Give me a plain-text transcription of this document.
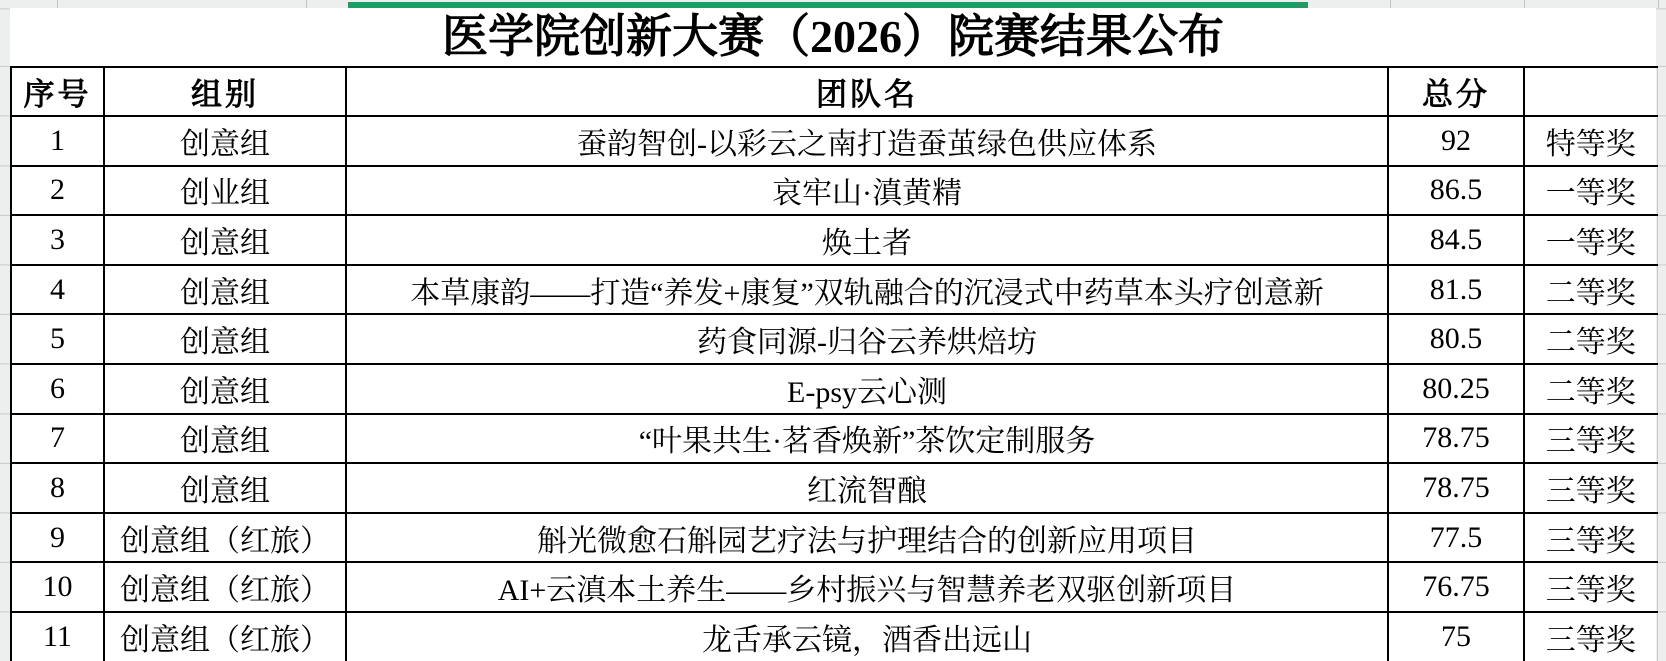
医学院创新大赛（2026）院赛结果公布
序号	组别	团队名	总分	
1	创意组	蚕韵智创-以彩云之南打造蚕茧绿色供应体系	92	特等奖
2	创业组	哀牢山·滇黄精	86.5	一等奖
3	创意组	焕土者	84.5	一等奖
4	创意组	本草康韵——打造“养发+康复”双轨融合的沉浸式中药草本头疗创意新	81.5	二等奖
5	创意组	药食同源-归谷云养烘焙坊	80.5	二等奖
6	创意组	E-psy云心测	80.25	二等奖
7	创意组	“叶果共生·茗香焕新”茶饮定制服务	78.75	三等奖
8	创意组	红流智酿	78.75	三等奖
9	创意组（红旅）	斛光微愈石斛园艺疗法与护理结合的创新应用项目	77.5	三等奖
10	创意组（红旅）	AI+云滇本土养生——乡村振兴与智慧养老双驱创新项目	76.75	三等奖
11	创意组（红旅）	龙舌承云镜，酒香出远山	75	三等奖
